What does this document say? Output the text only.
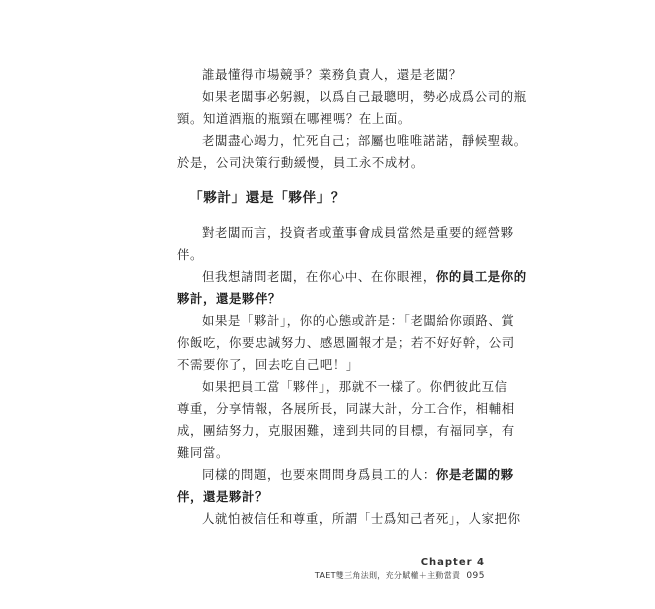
誰最懂得市場競爭？業務負責人，還是老闆？

如果老闆事必躬親，以爲自己最聰明，勢必成爲公司的瓶
頸。知道酒瓶的瓶頸在哪裡嗎？在上面。

老闆盡心竭力，忙死自己；部屬也唯唯諾諾，靜候聖裁。
於是，公司決策行動緩慢，員工永不成材。

「夥計」還是「夥伴」？

對老闆而言，投資者或董事會成員當然是重要的經營夥
伴。

但我想請問老闆，在你心中、在你眼裡，你的員工是你的
夥計，還是夥伴？

如果是「夥計」，你的心態或許是：「老闆給你頭路、賞
你飯吃，你要忠誠努力、感恩圖報才是；若不好好幹，公司
不需要你了，回去吃自己吧！」

如果把員工當「夥伴」，那就不一樣了。你們彼此互信
尊重，分享情報，各展所長，同謀大計，分工合作，相輔相
成，團結努力，克服困難，達到共同的目標，有福同享，有
難同當。

同樣的問題，也要來問問身爲員工的人：你是老闆的夥
伴，還是夥計？

人就怕被信任和尊重，所謂「士爲知己者死」，人家把你

Chapter 4
TAET雙三角法則，充分賦權＋主動當責 095
